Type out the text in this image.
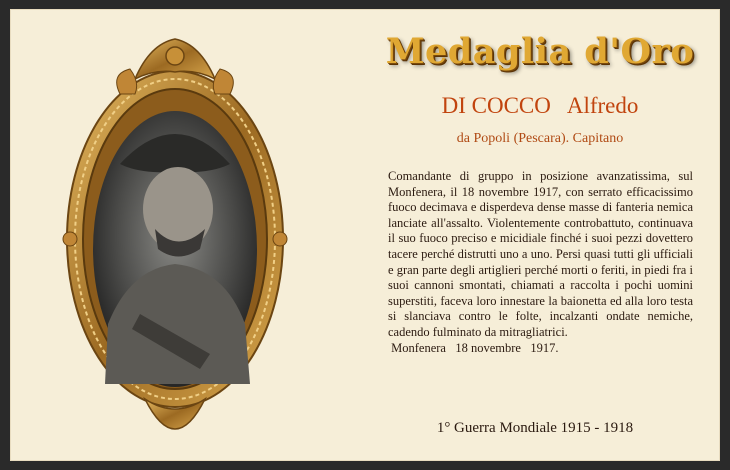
Medaglia d'Oro
DI COCCO   Alfredo
da Popoli (Pescara). Capitano
Comandante di gruppo in posizione avanzatissima, sul Monfenera, il 18 novembre 1917, con serrato efficacissimo fuoco decimava e disperdeva dense masse di fanteria nemica lanciate all'assalto. Violentemente controbattuto, continuava il suo fuoco preciso e micidiale finché i suoi pezzi dovettero tacere perché distrutti uno a uno. Persi quasi tutti gli ufficiali e gran parte degli artiglieri perché morti o feriti, in piedi fra i suoi cannoni smontati, chiamati a raccolta i pochi uomini superstiti, faceva loro innestare la baionetta ed alla loro testa si slanciava contro le folte, incalzanti ondate nemiche, cadendo fulminato da mitragliatrici.
Monfenera   18 novembre   1917.
1° Guerra Mondiale 1915 - 1918
